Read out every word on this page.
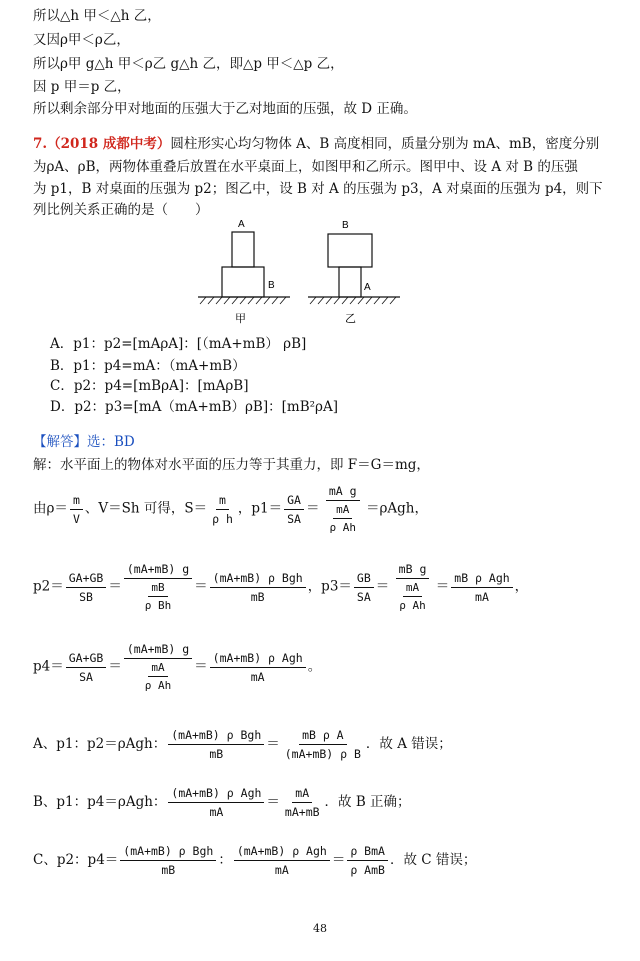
所以△h 甲＜△h 乙，
又因ρ甲＜ρ乙，
所以ρ甲 g△h 甲＜ρ乙 g△h 乙，即△p 甲＜△p 乙，
因 p 甲＝p 乙，
所以剩余部分甲对地面的压强大于乙对地面的压强，故 D 正确。
7.（2018 成都中考）圆柱形实心均匀物体 A、B 高度相同，质量分别为 mA、mB，密度分别
为ρA、ρB，两物体重叠后放置在水平桌面上，如图甲和乙所示。图甲中、设 A 对 B 的压强
为 p1，B 对桌面的压强为 p2；图乙中，设 B 对 A 的压强为 p3，A 对桌面的压强为 p4，则下
列比例关系正确的是（　　）
A
B
甲
B
A
乙
A．p1：p2=[mAρA]：[（mA+mB） ρB]
B．p1：p4=mA：（mA+mB）
C．p2：p4=[mBρA]：[mAρB]
D．p2：p3=[mA（mA+mB）ρB]：[mB²ρA]
【解答】选：BD
解：水平面上的物体对水平面的压力等于其重力，即 F＝G＝mg，
由$\rho= \frac{m}{V}$ 、V＝Sh 可得，$S= \frac{m}{\text{ρ h}}$ ，$p1= \frac{GA}{SA} = \frac{\text{mA g}}{\frac{mA}{\text{ρ Ah}}} =\rho Agh$，
$p2= \frac{GA+GB}{SB} = \frac{(mA+mB) g}{\frac{mB}{\text{ρ Bh}}} = \frac{\text{(mA+mB) ρ Bgh}}{mB}$ ，$p3= \frac{GB}{SA} = \frac{\text{mB g}}{\frac{mA}{\text{ρ Ah}}} = \frac{\text{mB ρ Agh}}{mA}$ ，
$p4= \frac{GA+GB}{SA} = \frac{(mA+mB) g}{\frac{mA}{\text{ρ Ah}}} = \frac{\text{(mA+mB) ρ Agh}}{mA}$ 。
A、p1：p2＝ρAgh： $\frac{\text{(mA+mB) ρ Bgh}}{mB} = \frac{\text{mB ρ A}}{\text{(mA+mB) ρ B}}$ ．故 A 错误；
B、p1：p4＝ρAgh： $\frac{\text{(mA+mB) ρ Agh}}{mA} = \frac{mA}{mA+mB}$ ．故 B 正确；
C、p2：$p4= \frac{\text{(mA+mB) ρ Bgh}}{mB}$ ： $\frac{\text{(mA+mB) ρ Agh}}{mA} = \frac{\text{ρ BmA}}{\text{ρ AmB}}$ ．故 C 错误；
48
